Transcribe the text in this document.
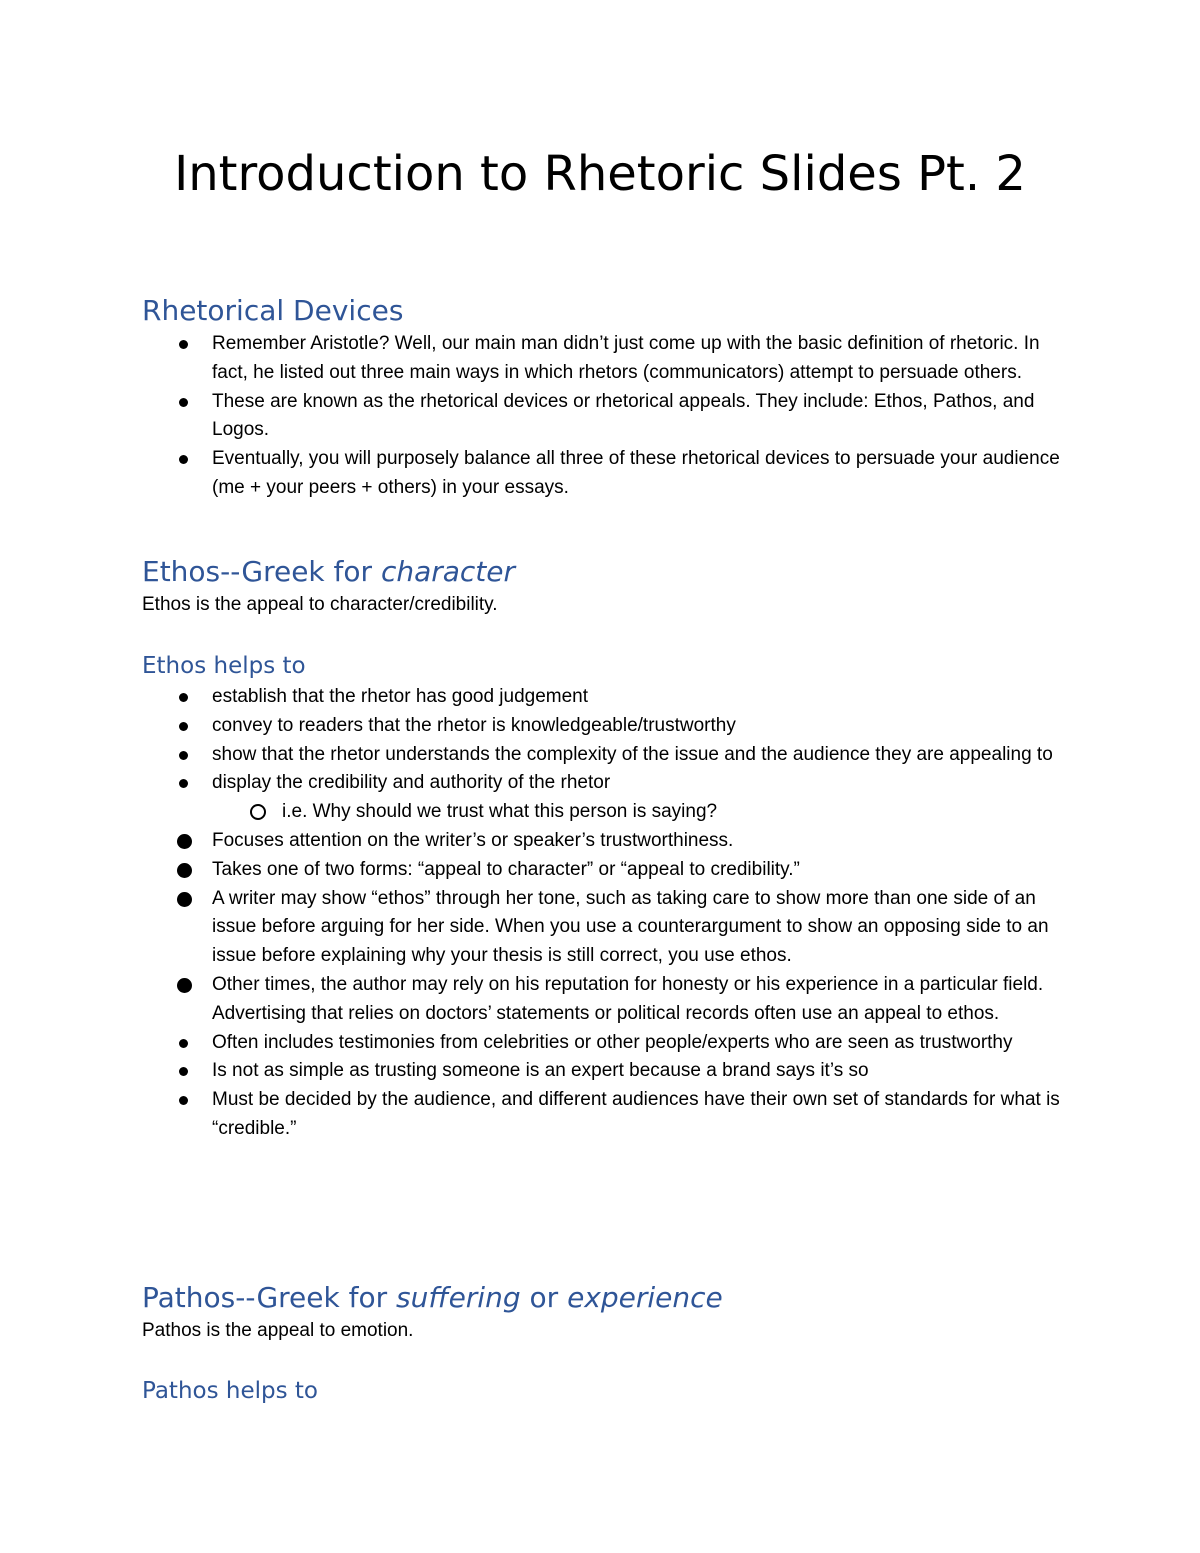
Introduction to Rhetoric Slides Pt. 2
Rhetorical Devices
Remember Aristotle? Well, our main man didn’t just come up with the basic definition of rhetoric. In fact, he listed out three main ways in which rhetors (communicators) attempt to persuade others.
These are known as the rhetorical devices or rhetorical appeals. They include: Ethos, Pathos, and Logos.
Eventually, you will purposely balance all three of these rhetorical devices to persuade your audience (me + your peers + others) in your essays.
Ethos--Greek for character

Ethos is the appeal to character/credibility.

Ethos helps to
establish that the rhetor has good judgement
convey to readers that the rhetor is knowledgeable/trustworthy
show that the rhetor understands the complexity of the issue and the audience they are appealing to
display the credibility and authority of the rhetor
i.e. Why should we trust what this person is saying?
Focuses attention on the writer’s or speaker’s trustworthiness.
Takes one of two forms: “appeal to character” or “appeal to credibility.”
A writer may show “ethos” through her tone, such as taking care to show more than one side of an issue before arguing for her side. When you use a counterargument to show an opposing side to an issue before explaining why your thesis is still correct, you use ethos.
Other times, the author may rely on his reputation for honesty or his experience in a particular field. Advertising that relies on doctors’ statements or political records often use an appeal to ethos.
Often includes testimonies from celebrities or other people/experts who are seen as trustworthy
Is not as simple as trusting someone is an expert because a brand says it’s so
Must be decided by the audience, and different audiences have their own set of standards for what is “credible.”
Pathos--Greek for suffering or experience

Pathos is the appeal to emotion.

Pathos helps to
